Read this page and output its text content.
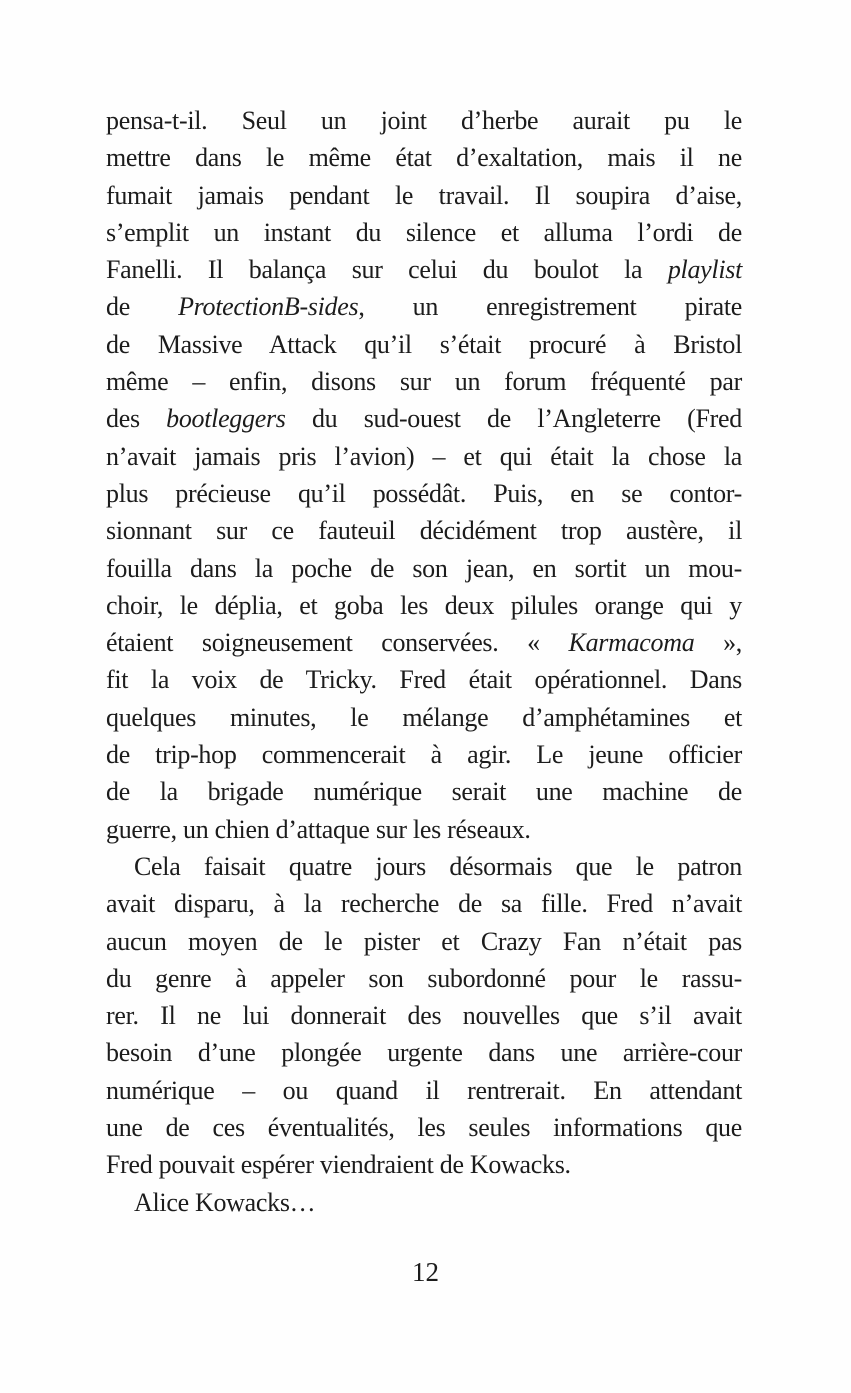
pensa-t-il. Seul un joint d’herbe aurait pu le
mettre dans le même état d’exaltation, mais il ne
fumait jamais pendant le travail. Il soupira d’aise,
s’emplit un instant du silence et alluma l’ordi de
Fanelli. Il balança sur celui du boulot la playlist
de ProtectionB-sides, un enregistrement pirate
de Massive Attack qu’il s’était procuré à Bristol
même – enfin, disons sur un forum fréquenté par
des bootleggers du sud-ouest de l’Angleterre (Fred
n’avait jamais pris l’avion) – et qui était la chose la
plus précieuse qu’il possédât. Puis, en se contor-
sionnant sur ce fauteuil décidément trop austère, il
fouilla dans la poche de son jean, en sortit un mou-
choir, le déplia, et goba les deux pilules orange qui y
étaient soigneusement conservées. « Karmacoma »,
fit la voix de Tricky. Fred était opérationnel. Dans
quelques minutes, le mélange d’amphétamines et
de trip-hop commencerait à agir. Le jeune officier
de la brigade numérique serait une machine de
guerre, un chien d’attaque sur les réseaux.
Cela faisait quatre jours désormais que le patron
avait disparu, à la recherche de sa fille. Fred n’avait
aucun moyen de le pister et Crazy Fan n’était pas
du genre à appeler son subordonné pour le rassu-
rer. Il ne lui donnerait des nouvelles que s’il avait
besoin d’une plongée urgente dans une arrière-cour
numérique – ou quand il rentrerait. En attendant
une de ces éventualités, les seules informations que
Fred pouvait espérer viendraient de Kowacks.
Alice Kowacks…
12
